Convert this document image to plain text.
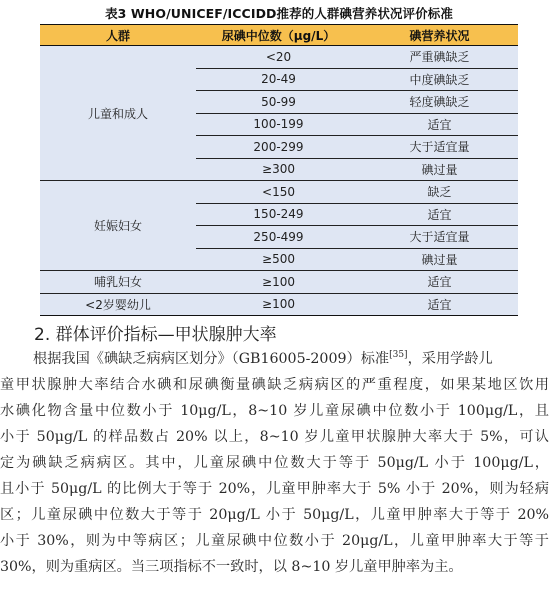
表3 WHO/UNICEF/ICCIDD推荐的人群碘营养状况评价标准
人群	尿碘中位数（μg/L）	碘营养状况
儿童和成人	<20	严重碘缺乏
	20-49	中度碘缺乏
	50-99	轻度碘缺乏
	100-199	适宜
	200-299	大于适宜量
	≥300	碘过量
妊娠妇女	<150	缺乏
	150-249	适宜
	250-499	大于适宜量
	≥500	碘过量
哺乳妇女	≥100	适宜
<2岁婴幼儿	≥100	适宜
2. 群体评价指标—甲状腺肿大率
根据我国《碘缺乏病病区划分》（GB16005-2009）标准[35]，采用学龄儿
童甲状腺肿大率结合水碘和尿碘衡量碘缺乏病病区的严重程度，如果某地区饮用
水碘化物含量中位数小于 10μg/L，8~10 岁儿童尿碘中位数小于 100μg/L，且
小于 50μg/L 的样品数占 20% 以上，8~10 岁儿童甲状腺肿大率大于 5%，可认
定为碘缺乏病病区。其中，儿童尿碘中位数大于等于 50μg/L 小于 100μg/L，
且小于 50μg/L 的比例大于等于 20%，儿童甲肿率大于 5% 小于 20%，则为轻病
区；儿童尿碘中位数大于等于 20μg/L 小于 50μg/L，儿童甲肿率大于等于 20%
小于 30%，则为中等病区；儿童尿碘中位数小于 20μg/L，儿童甲肿率大于等于
30%，则为重病区。当三项指标不一致时，以 8~10 岁儿童甲肿率为主。
